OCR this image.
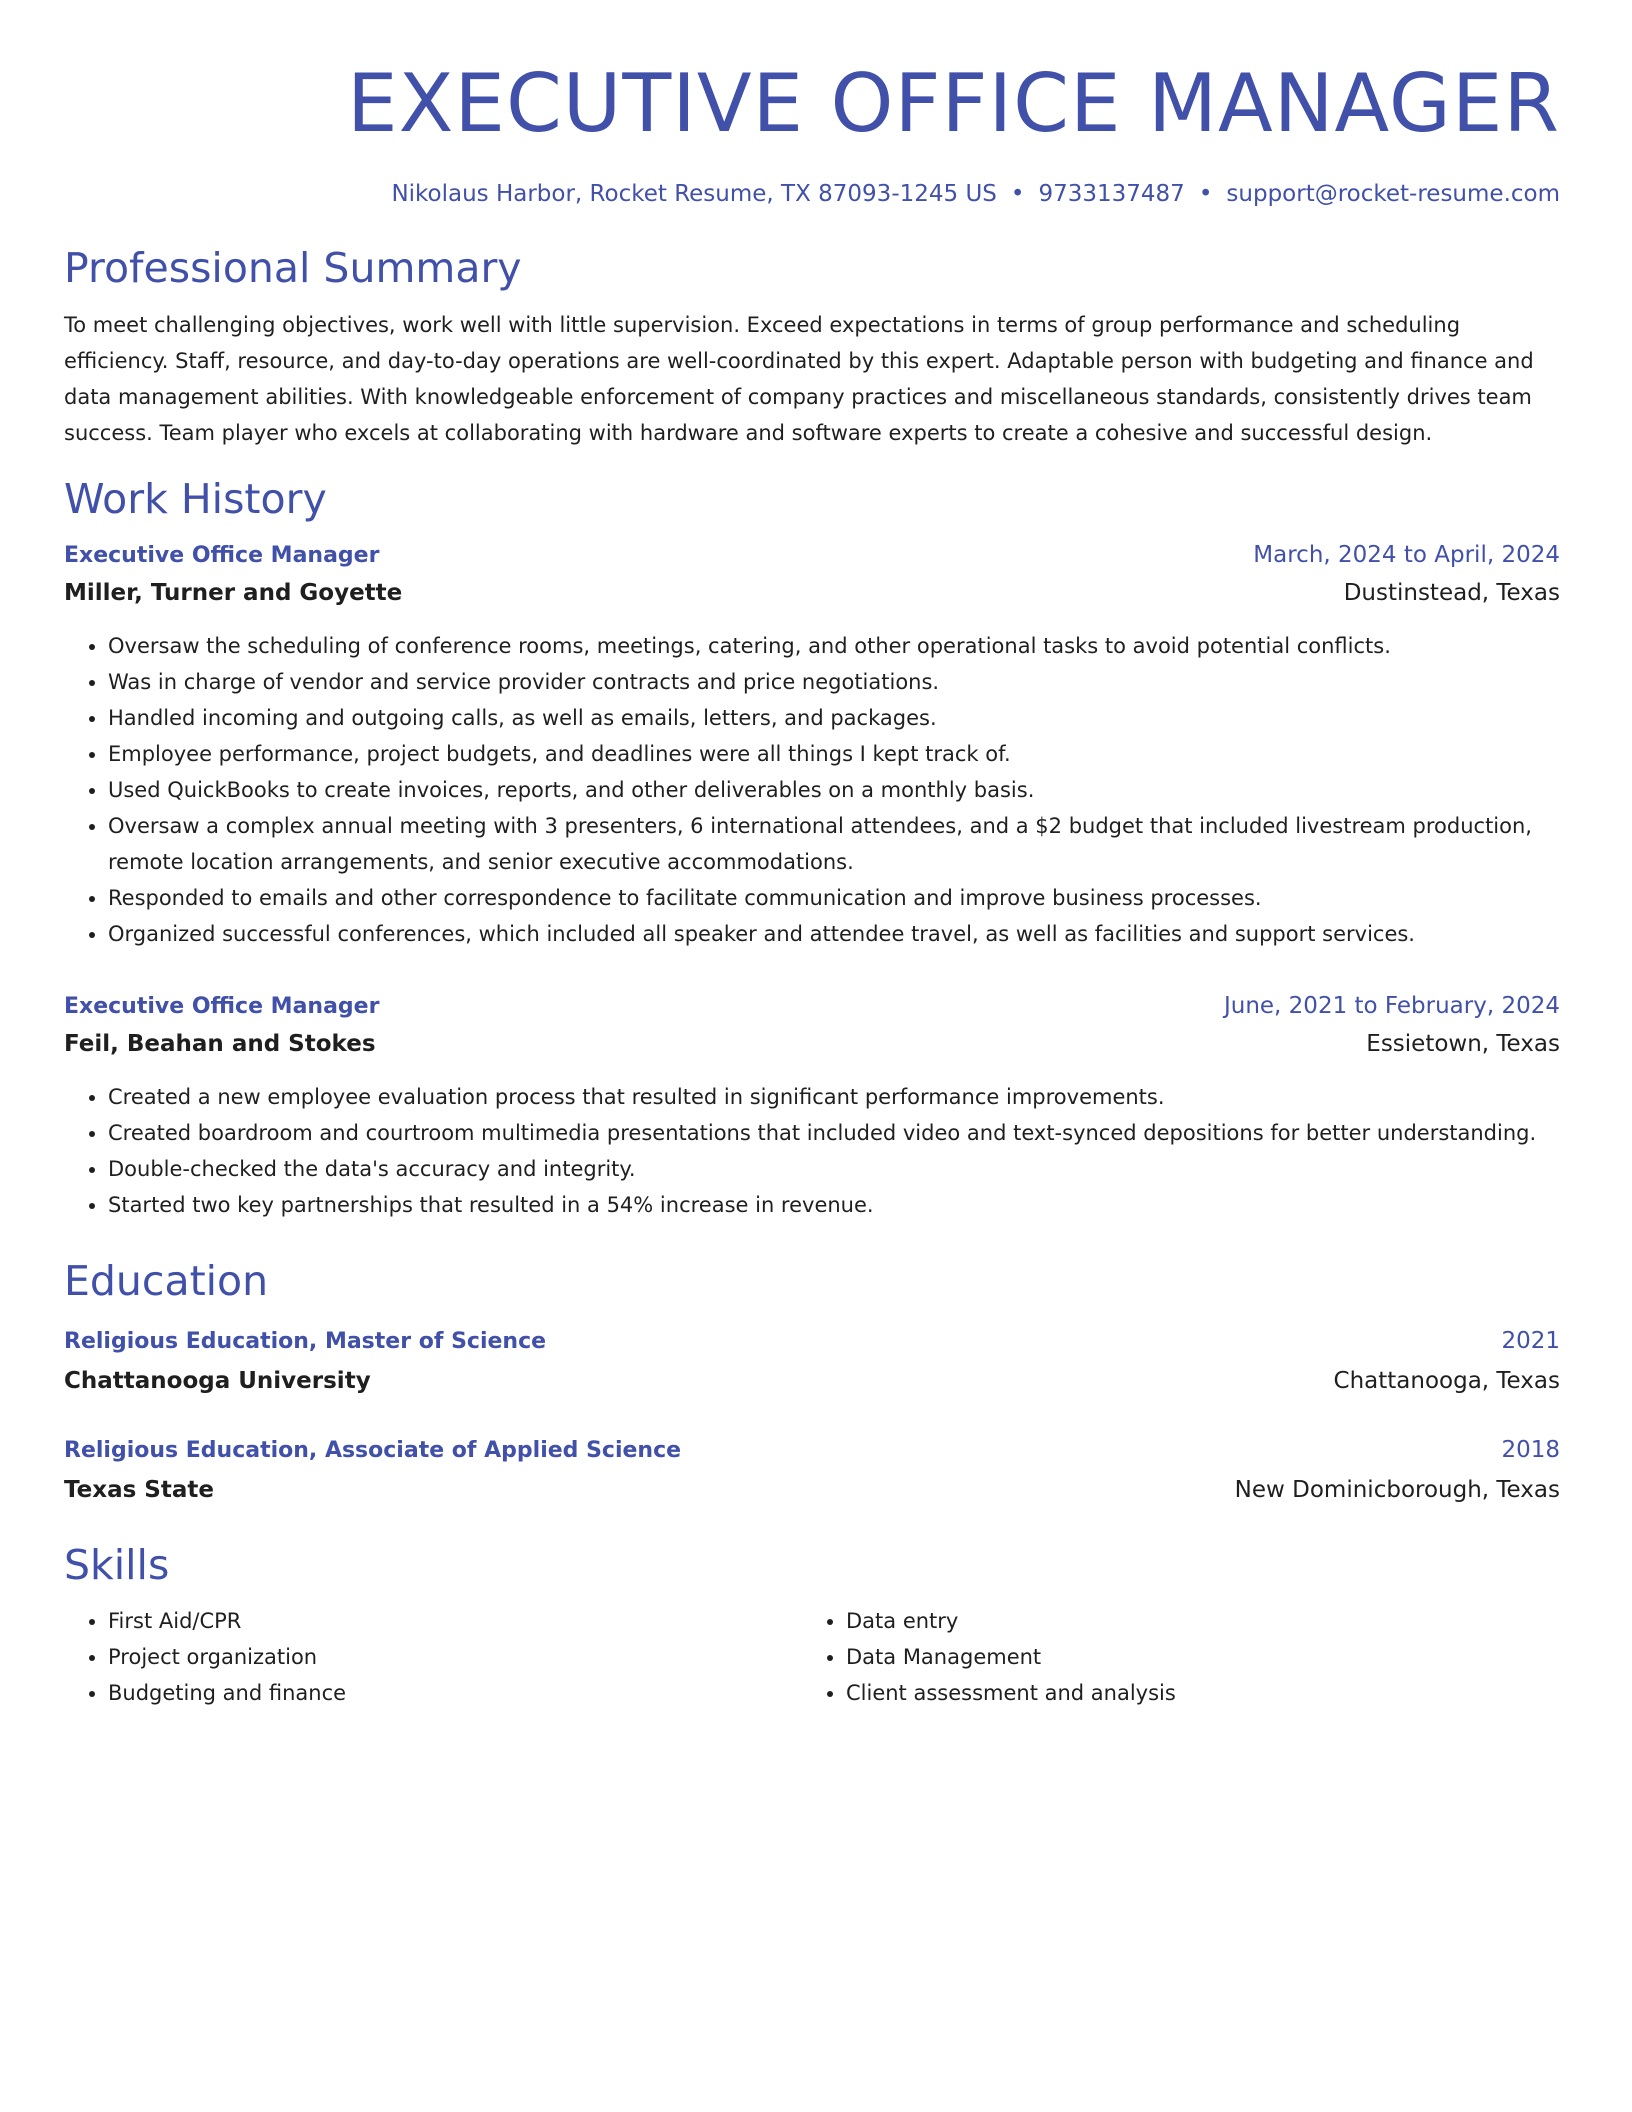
EXECUTIVE OFFICE MANAGER
Nikolaus Harbor, Rocket Resume, TX 87093-1245 US • 9733137487 • support@rocket-resume.com
Professional Summary
To meet challenging objectives, work well with little supervision. Exceed expectations in terms of group performance and scheduling efficiency. Staff, resource, and day-to-day operations are well-coordinated by this expert. Adaptable person with budgeting and finance and data management abilities. With knowledgeable enforcement of company practices and miscellaneous standards, consistently drives team success. Team player who excels at collaborating with hardware and software experts to create a cohesive and successful design.
Work History
Executive Office Manager	March, 2024 to April, 2024
Miller, Turner and Goyette	Dustinstead, Texas
• Oversaw the scheduling of conference rooms, meetings, catering, and other operational tasks to avoid potential conflicts.
• Was in charge of vendor and service provider contracts and price negotiations.
• Handled incoming and outgoing calls, as well as emails, letters, and packages.
• Employee performance, project budgets, and deadlines were all things I kept track of.
• Used QuickBooks to create invoices, reports, and other deliverables on a monthly basis.
• Oversaw a complex annual meeting with 3 presenters, 6 international attendees, and a $2 budget that included livestream production, remote location arrangements, and senior executive accommodations.
• Responded to emails and other correspondence to facilitate communication and improve business processes.
• Organized successful conferences, which included all speaker and attendee travel, as well as facilities and support services.
Executive Office Manager	June, 2021 to February, 2024
Feil, Beahan and Stokes	Essietown, Texas
• Created a new employee evaluation process that resulted in significant performance improvements.
• Created boardroom and courtroom multimedia presentations that included video and text-synced depositions for better understanding.
• Double-checked the data's accuracy and integrity.
• Started two key partnerships that resulted in a 54% increase in revenue.
Education
Religious Education, Master of Science	2021
Chattanooga University	Chattanooga, Texas
Religious Education, Associate of Applied Science	2018
Texas State	New Dominicborough, Texas
Skills
• First Aid/CPR
• Project organization
• Budgeting and finance
• Data entry
• Data Management
• Client assessment and analysis
